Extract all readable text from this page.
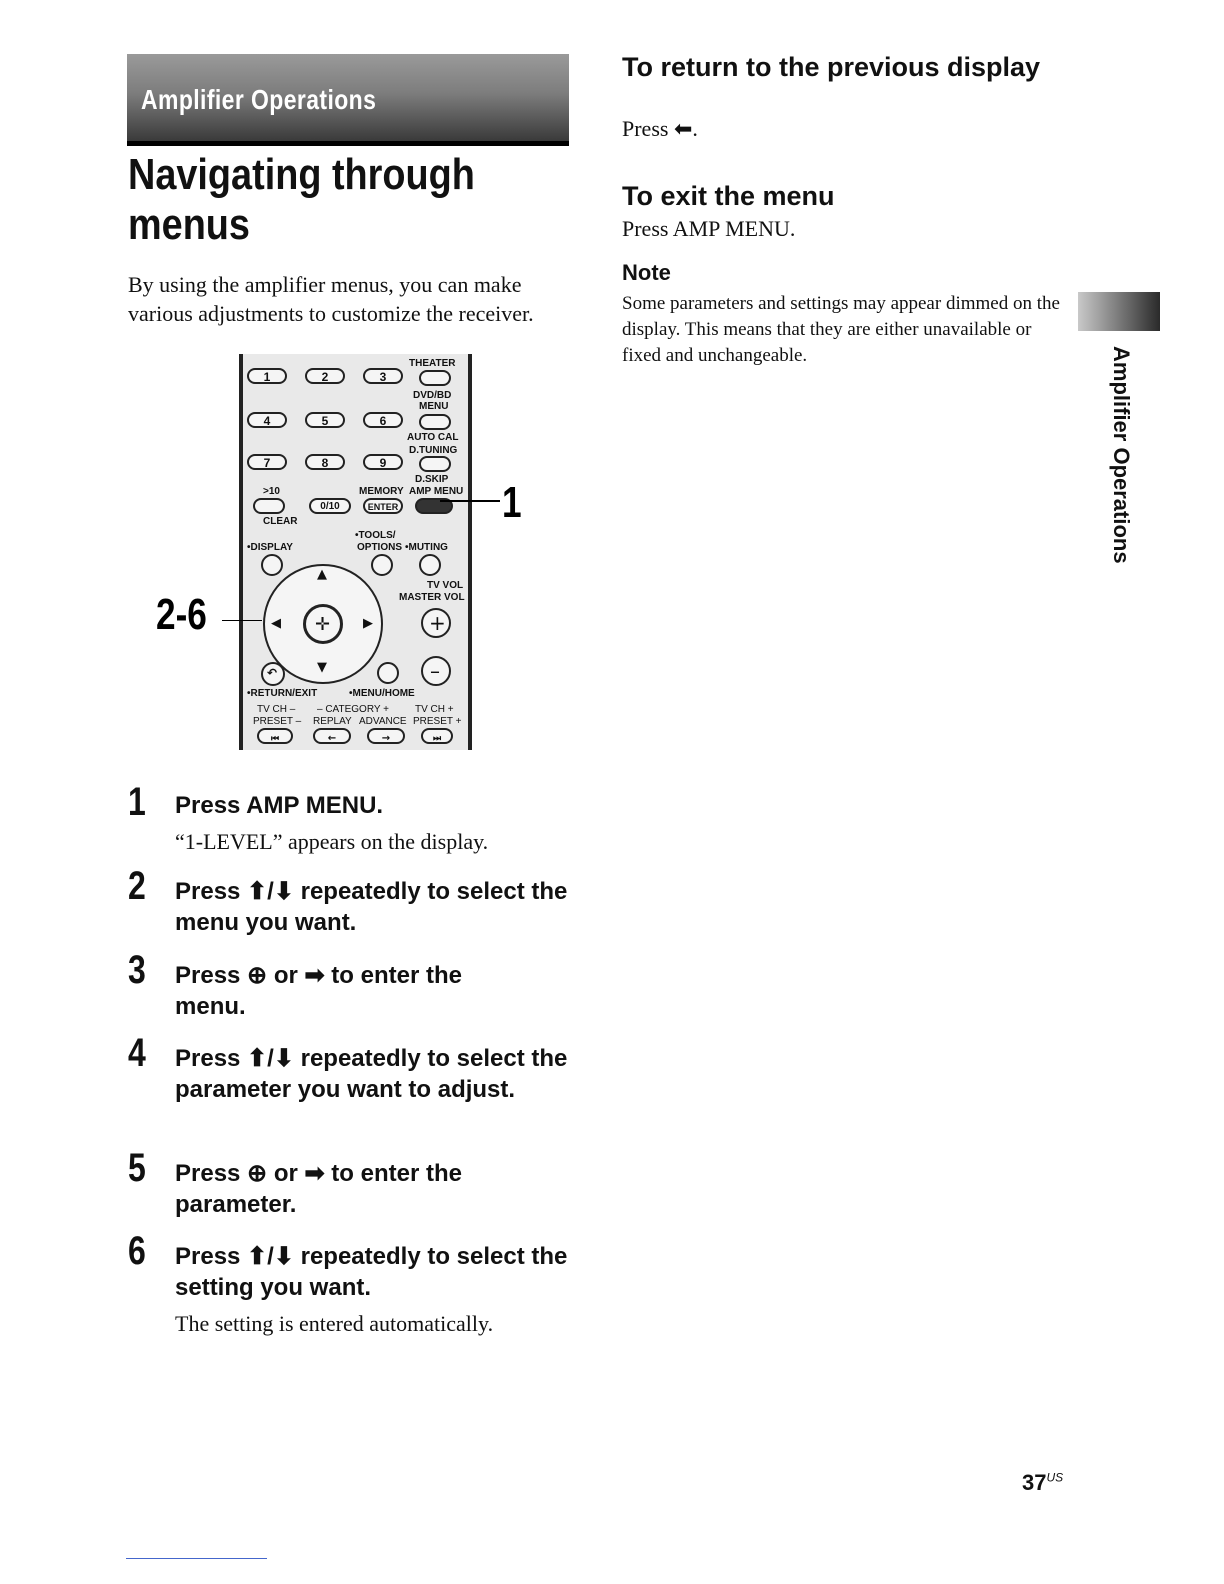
Amplifier Operations
Navigating through menus
By using the amplifier menus, you can make various adjustments to customize the receiver.
THEATER
1	2	3
DVD/BD
MENU
4	5	6
AUTO CAL
D.TUNING
7	8	9
D.SKIP
>10	MEMORY AMP MENU
0/10	ENTER
CLEAR
•TOOLS/
•DISPLAY	OPTIONS •MUTING
TV VOL
MASTER VOL
▲
▼
◀	▶
✛	+
–
↶
•RETURN/EXIT	•MENU/HOME
TV CH – – CATEGORY +	TV CH +
PRESET – REPLAY ADVANCE PRESET +
⏮	←	→	⏭
1
2-6
1 Press AMP MENU.
“1-LEVEL” appears on the display.
2 Press ⬆/⬇ repeatedly to select the menu you want.
3 Press ⊕ or ➡ to enter the menu.
4 Press ⬆/⬇ repeatedly to select the parameter you want to adjust.
5 Press ⊕ or ➡ to enter the parameter.
6 Press ⬆/⬇ repeatedly to select the setting you want.
The setting is entered automatically.
To return to the previous display
Press ⬅.
To exit the menu
Press AMP MENU.
Note
Some parameters and settings may appear dimmed on the display. This means that they are either unavailable or fixed and unchangeable.	Amplifier Operations
$37^{US}$
